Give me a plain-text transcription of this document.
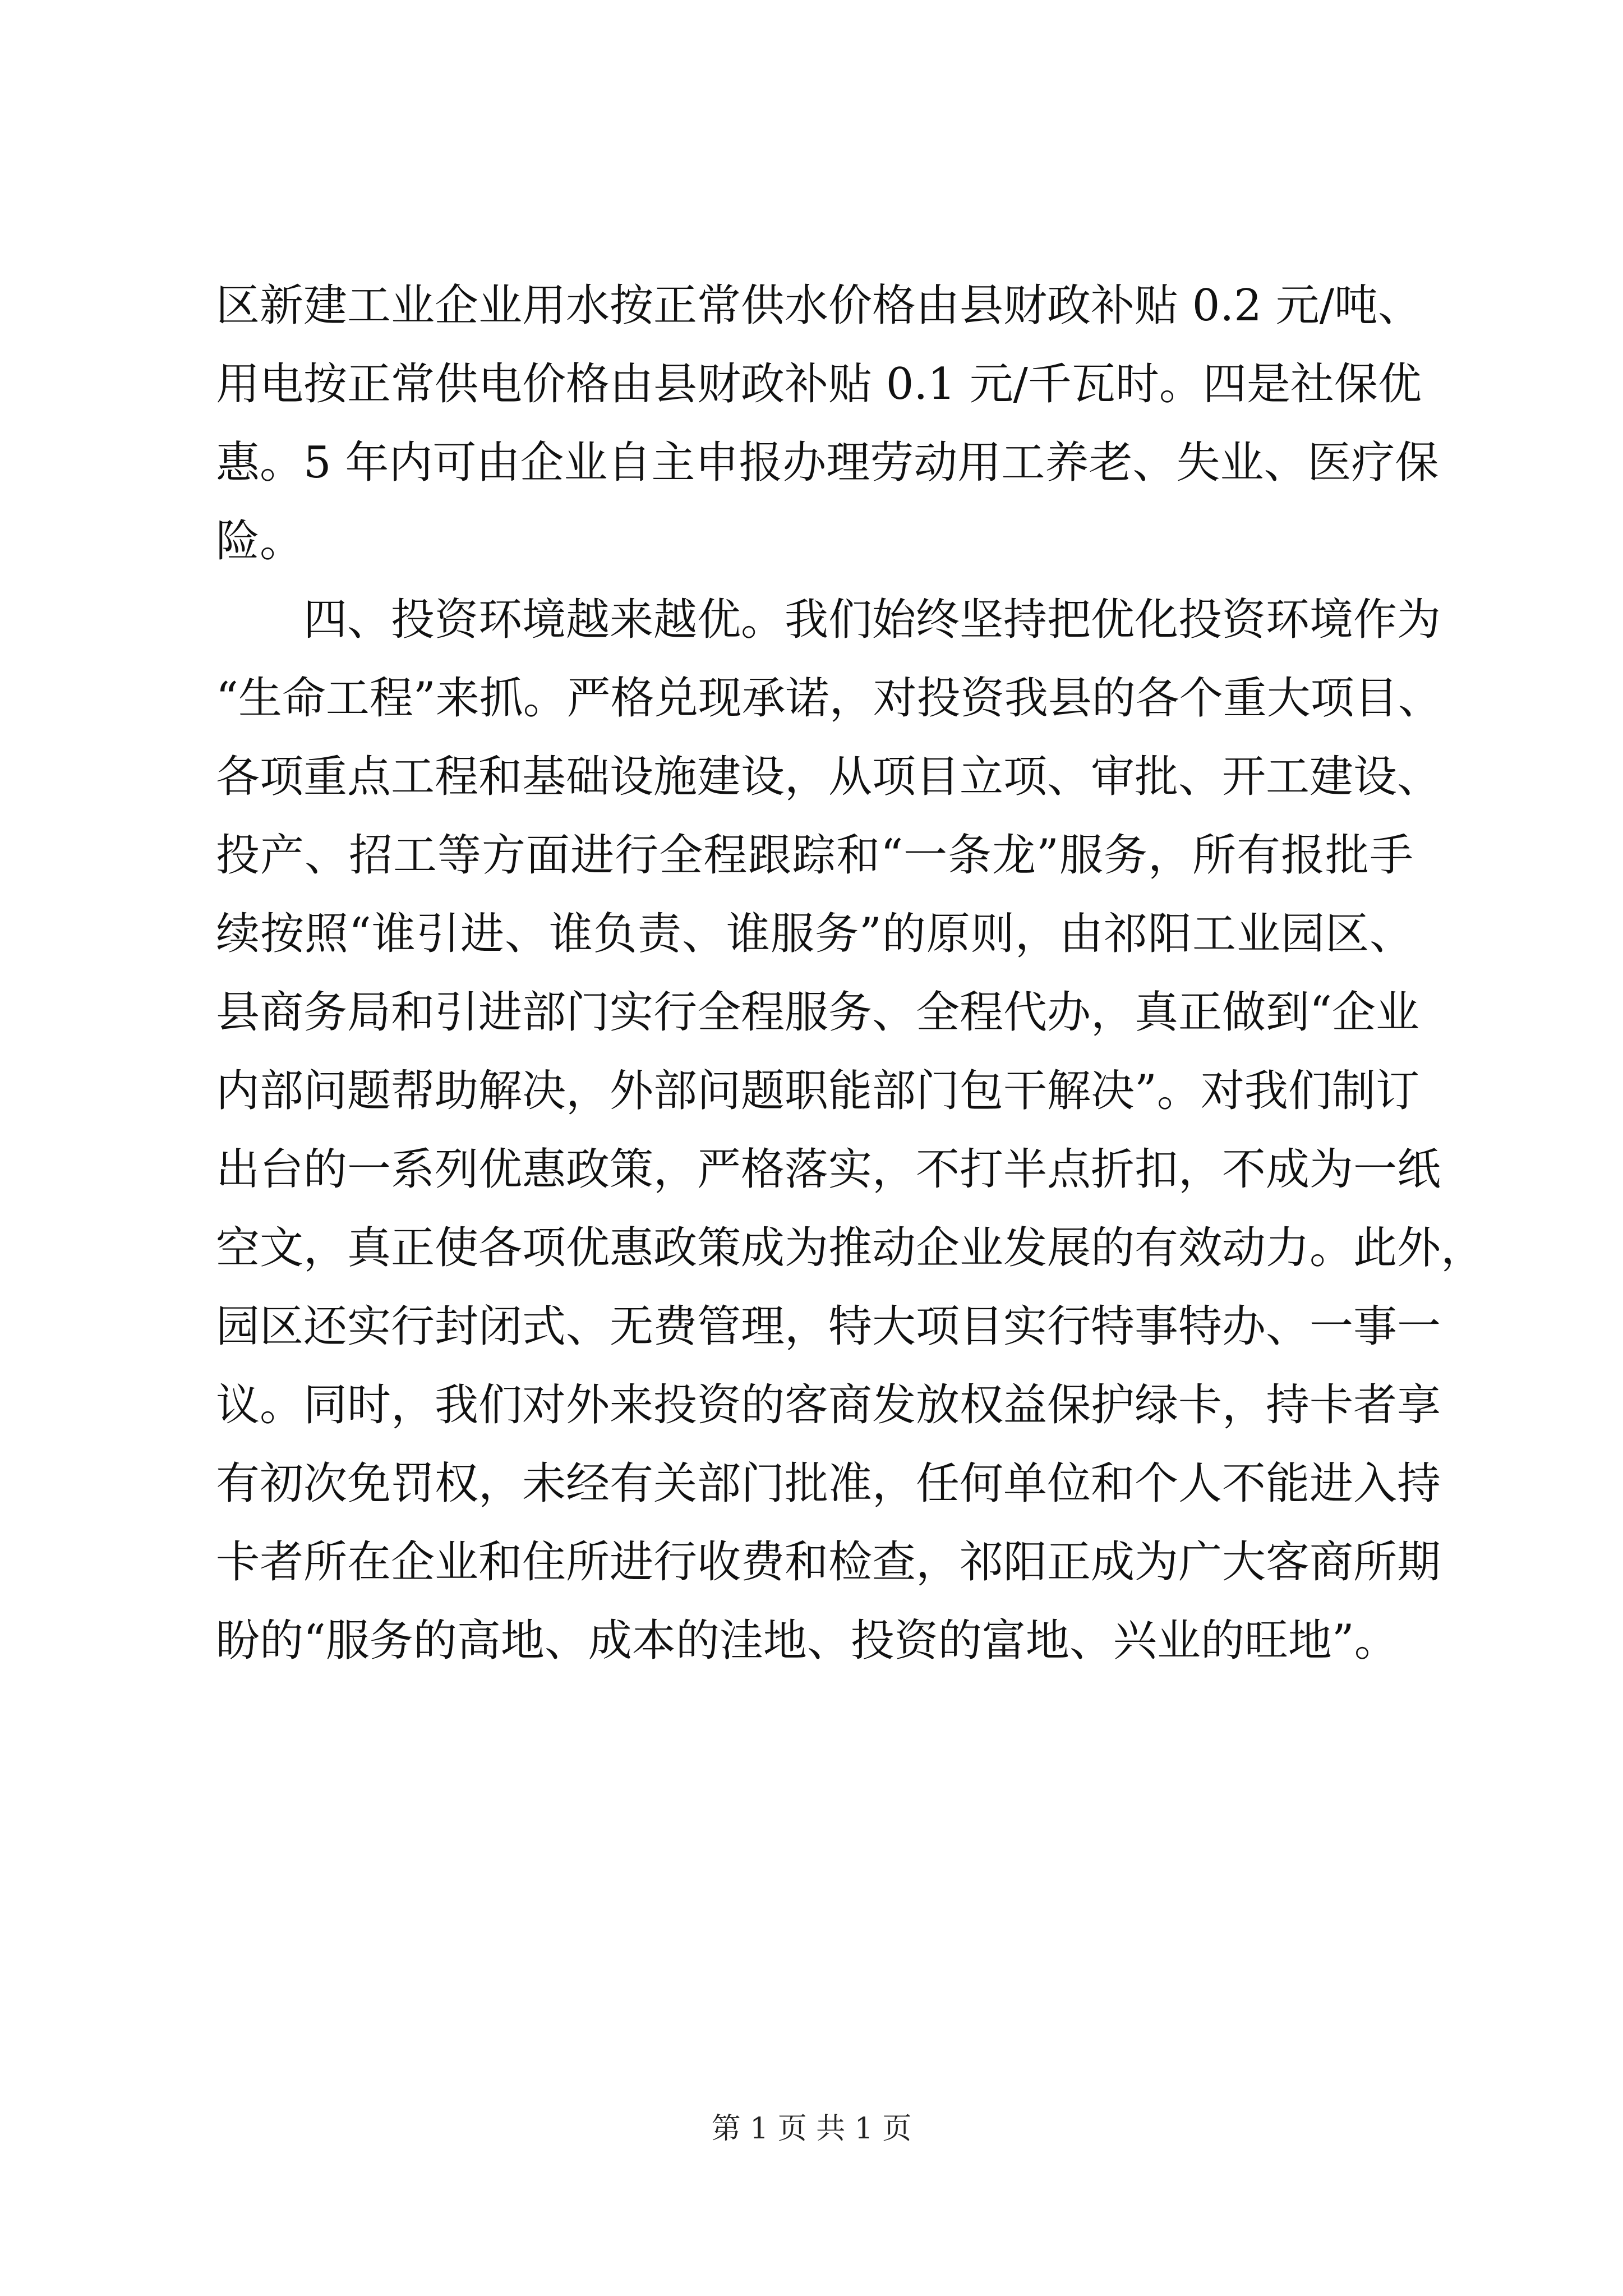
区新建工业企业用水按正常供水价格由县财政补贴 0.2 元/吨、
用电按正常供电价格由县财政补贴 0.1 元/千瓦时。四是社保优
惠。5 年内可由企业自主申报办理劳动用工养老、失业、医疗保
险。
四、投资环境越来越优。我们始终坚持把优化投资环境作为
“生命工程”来抓。严格兑现承诺，对投资我县的各个重大项目、
各项重点工程和基础设施建设，从项目立项、审批、开工建设、
投产、招工等方面进行全程跟踪和“一条龙”服务，所有报批手
续按照“谁引进、谁负责、谁服务”的原则，由祁阳工业园区、
县商务局和引进部门实行全程服务、全程代办，真正做到“企业
内部问题帮助解决，外部问题职能部门包干解决”。对我们制订
出台的一系列优惠政策，严格落实，不打半点折扣，不成为一纸
空文，真正使各项优惠政策成为推动企业发展的有效动力。此外，
园区还实行封闭式、无费管理，特大项目实行特事特办、一事一
议。同时，我们对外来投资的客商发放权益保护绿卡，持卡者享
有初次免罚权，未经有关部门批准，任何单位和个人不能进入持
卡者所在企业和住所进行收费和检查，祁阳正成为广大客商所期
盼的“服务的高地、成本的洼地、投资的富地、兴业的旺地”。
第 1 页 共 1 页
